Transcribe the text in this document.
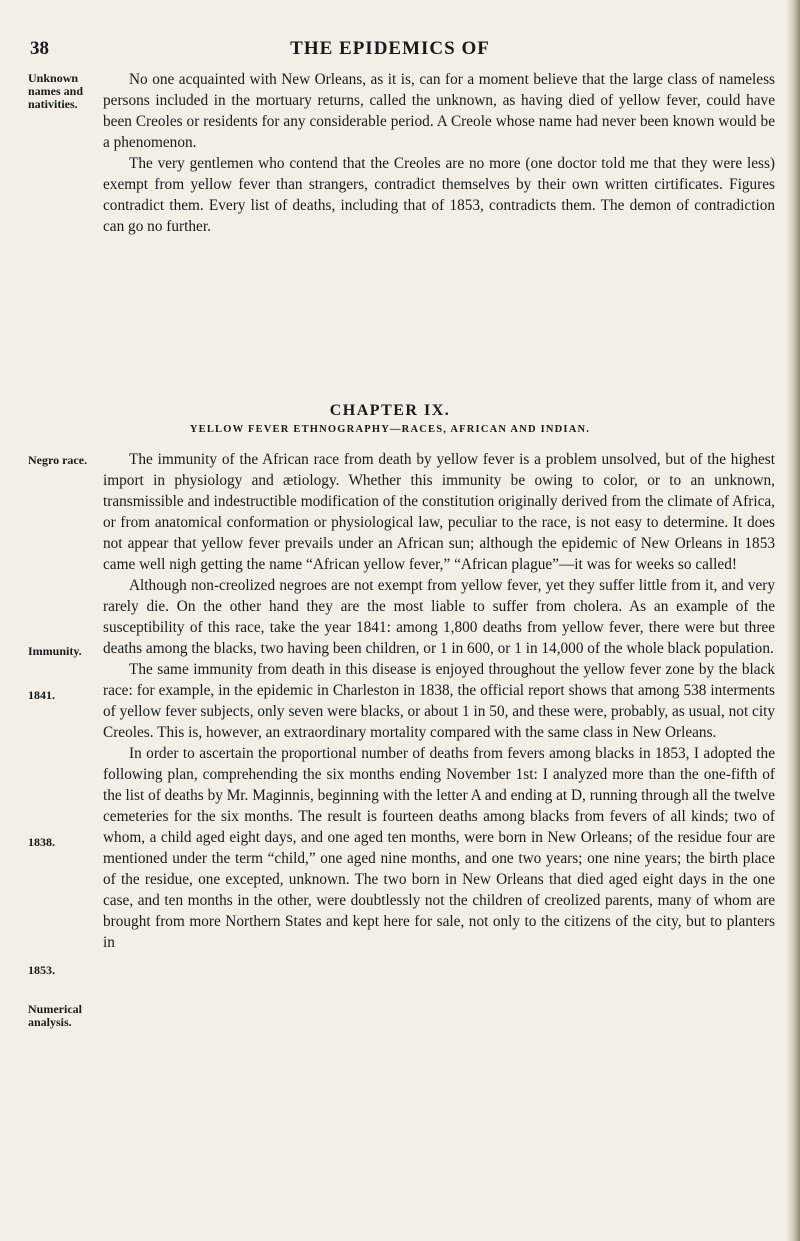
38	THE EPIDEMICS OF
Unknown names and nativities.
Negro race.
Immunity.
1841.
1838.
1853.
Numerical analysis.

No one acquainted with New Orleans, as it is, can for a moment believe that the large class of nameless persons included in the mortuary returns, called the unknown, as having died of yellow fever, could have been Creoles or residents for any considerable period. A Creole whose name had never been known would be a phenomenon.

The very gentlemen who contend that the Creoles are no more (one doctor told me that they were less) exempt from yellow fever than strangers, contradict themselves by their own written cirtificates. Figures contradict them. Every list of deaths, including that of 1853, contradicts them. The demon of contradiction can go no further.

CHAPTER IX.
YELLOW FEVER ETHNOGRAPHY—RACES, AFRICAN AND INDIAN.

The immunity of the African race from death by yellow fever is a problem unsolved, but of the highest import in physiology and ætiology. Whether this immunity be owing to color, or to an unknown, transmissible and indestructible modification of the constitution originally derived from the climate of Africa, or from anatomical conformation or physiological law, peculiar to the race, is not easy to determine. It does not appear that yellow fever prevails under an African sun; although the epidemic of New Orleans in 1853 came well nigh getting the name “African yellow fever,” “African plague”—it was for weeks so called!

Although non-creolized negroes are not exempt from yellow fever, yet they suffer little from it, and very rarely die. On the other hand they are the most liable to suffer from cholera. As an example of the susceptibility of this race, take the year 1841: among 1,800 deaths from yellow fever, there were but three deaths among the blacks, two having been children, or 1 in 600, or 1 in 14,000 of the whole black population.

The same immunity from death in this disease is enjoyed throughout the yellow fever zone by the black race: for example, in the epidemic in Charleston in 1838, the official report shows that among 538 interments of yellow fever subjects, only seven were blacks, or about 1 in 50, and these were, probably, as usual, not city Creoles. This is, however, an extraordinary mortality compared with the same class in New Orleans.

In order to ascertain the proportional number of deaths from fevers among blacks in 1853, I adopted the following plan, comprehending the six months ending November 1st: I analyzed more than the one-fifth of the list of deaths by Mr. Maginnis, beginning with the letter A and ending at D, running through all the twelve cemeteries for the six months. The result is fourteen deaths among blacks from fevers of all kinds; two of whom, a child aged eight days, and one aged ten months, were born in New Orleans; of the residue four are mentioned under the term “child,” one aged nine months, and one two years; one nine years; the birth place of the residue, one excepted, unknown. The two born in New Orleans that died aged eight days in the one case, and ten months in the other, were doubtlessly not the children of creolized parents, many of whom are brought from more Northern States and kept here for sale, not only to the citizens of the city, but to planters in
